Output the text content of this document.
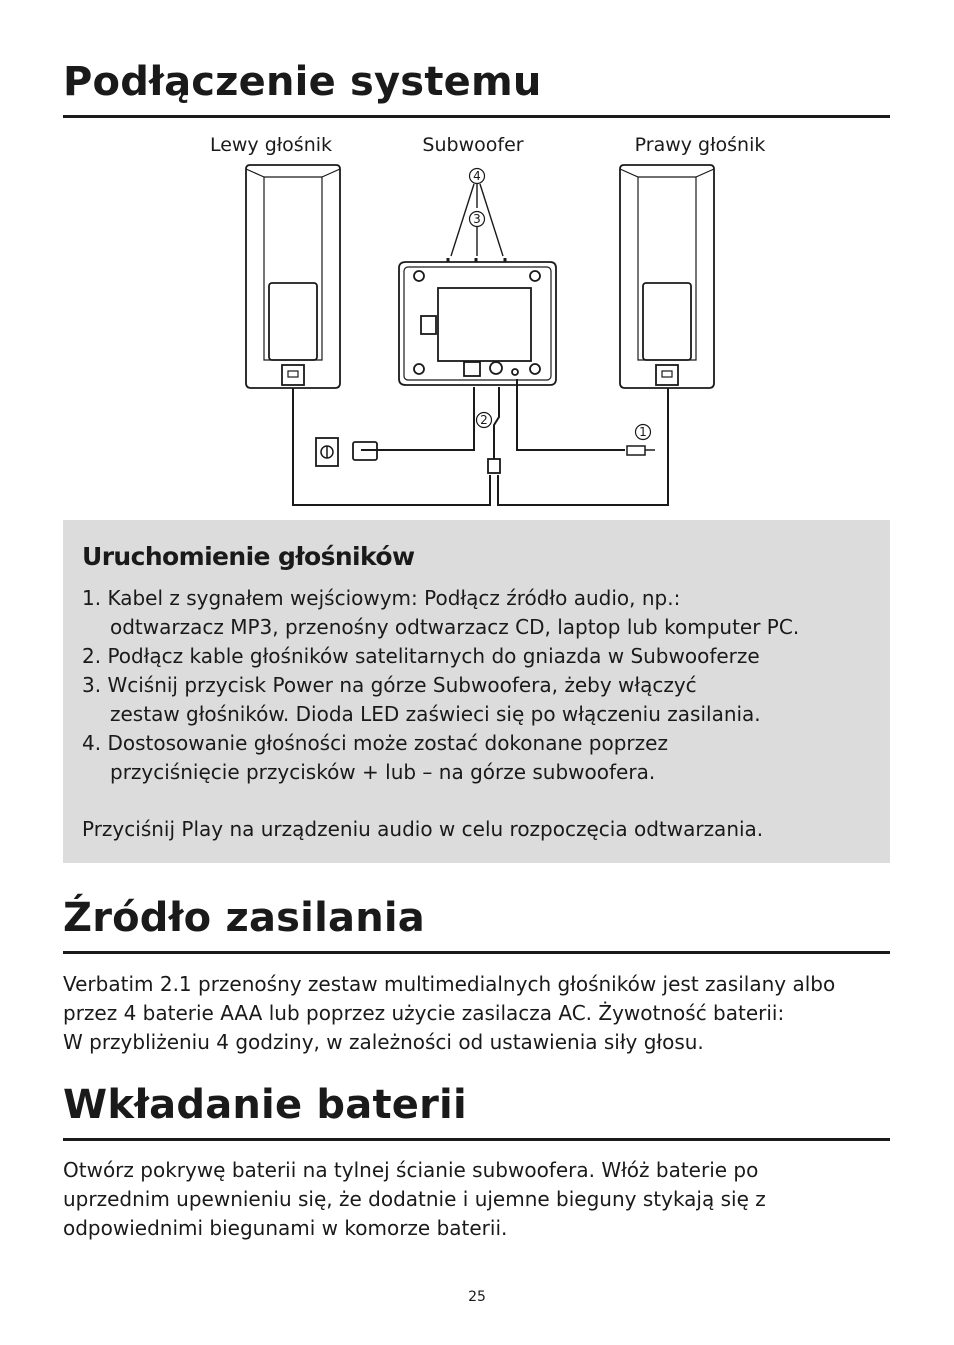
Podłączenie systemu
Lewy głośnik	Subwoofer	Prawy głośnik
4
3
2
1
Uruchomienie głośników
1. Kabel z sygnałem wejściowym: Podłącz źródło audio, np.:
odtwarzacz MP3, przenośny odtwarzacz CD, laptop lub komputer PC.
2. Podłącz kable głośników satelitarnych do gniazda w Subwooferze
3. Wciśnij przycisk Power na górze Subwoofera, żeby włączyć
zestaw głośników. Dioda LED zaświeci się po włączeniu zasilania.
4. Dostosowanie głośności może zostać dokonane poprzez
przyciśnięcie przycisków + lub – na górze subwoofera.

Przyciśnij Play na urządzeniu audio w celu rozpoczęcia odtwarzania.

Źródło zasilania

Verbatim 2.1 przenośny zestaw multimedialnych głośników jest zasilany albo
przez 4 baterie AAA lub poprzez użycie zasilacza AC. Żywotność baterii:
W przybliżeniu 4 godziny, w zależności od ustawienia siły głosu.

Wkładanie baterii

Otwórz pokrywę baterii na tylnej ścianie subwoofera. Włóż baterie po
uprzednim upewnieniu się, że dodatnie i ujemne bieguny stykają się z
odpowiednimi biegunami w komorze baterii.

25
